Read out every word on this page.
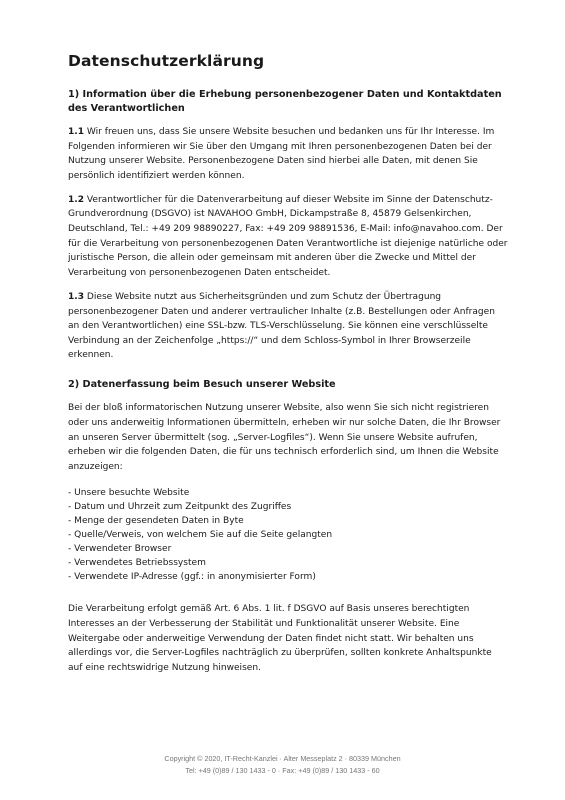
Datenschutzerklärung
1) Information über die Erhebung personenbezogener Daten und Kontaktdaten des Verantwortlichen

1.1 Wir freuen uns, dass Sie unsere Website besuchen und bedanken uns für Ihr Interesse. Im Folgenden informieren wir Sie über den Umgang mit Ihren personenbezogenen Daten bei der Nutzung unserer Website. Personenbezogene Daten sind hierbei alle Daten, mit denen Sie persönlich identifiziert werden können.

1.2 Verantwortlicher für die Datenverarbeitung auf dieser Website im Sinne der Datenschutz-Grundverordnung (DSGVO) ist NAVAHOO GmbH, Dickampstraße 8, 45879 Gelsenkirchen, Deutschland, Tel.: +49 209 98890227, Fax: +49 209 98891536, E-Mail: info@navahoo.com. Der für die Verarbeitung von personenbezogenen Daten Verantwortliche ist diejenige natürliche oder juristische Person, die allein oder gemeinsam mit anderen über die Zwecke und Mittel der Verarbeitung von personenbezogenen Daten entscheidet.

1.3 Diese Website nutzt aus Sicherheitsgründen und zum Schutz der Übertragung personenbezogener Daten und anderer vertraulicher Inhalte (z.B. Bestellungen oder Anfragen an den Verantwortlichen) eine SSL-bzw. TLS-Verschlüsselung. Sie können eine verschlüsselte Verbindung an der Zeichenfolge „https://“ und dem Schloss-Symbol in Ihrer Browserzeile erkennen.

2) Datenerfassung beim Besuch unserer Website

Bei der bloß informatorischen Nutzung unserer Website, also wenn Sie sich nicht registrieren oder uns anderweitig Informationen übermitteln, erheben wir nur solche Daten, die Ihr Browser an unseren Server übermittelt (sog. „Server-Logfiles“). Wenn Sie unsere Website aufrufen, erheben wir die folgenden Daten, die für uns technisch erforderlich sind, um Ihnen die Website anzuzeigen:

- Unsere besuchte Website
- Datum und Uhrzeit zum Zeitpunkt des Zugriffes
- Menge der gesendeten Daten in Byte
- Quelle/Verweis, von welchem Sie auf die Seite gelangten
- Verwendeter Browser
- Verwendetes Betriebssystem
- Verwendete IP-Adresse (ggf.: in anonymisierter Form)

Die Verarbeitung erfolgt gemäß Art. 6 Abs. 1 lit. f DSGVO auf Basis unseres berechtigten Interesses an der Verbesserung der Stabilität und Funktionalität unserer Website. Eine Weitergabe oder anderweitige Verwendung der Daten findet nicht statt. Wir behalten uns allerdings vor, die Server-Logfiles nachträglich zu überprüfen, sollten konkrete Anhaltspunkte auf eine rechtswidrige Nutzung hinweisen.

Copyright © 2020, IT-Recht-Kanzlei · Alter Messeplatz 2 · 80339 München
Tel: +49 (0)89 / 130 1433 - 0 · Fax: +49 (0)89 / 130 1433 - 60
